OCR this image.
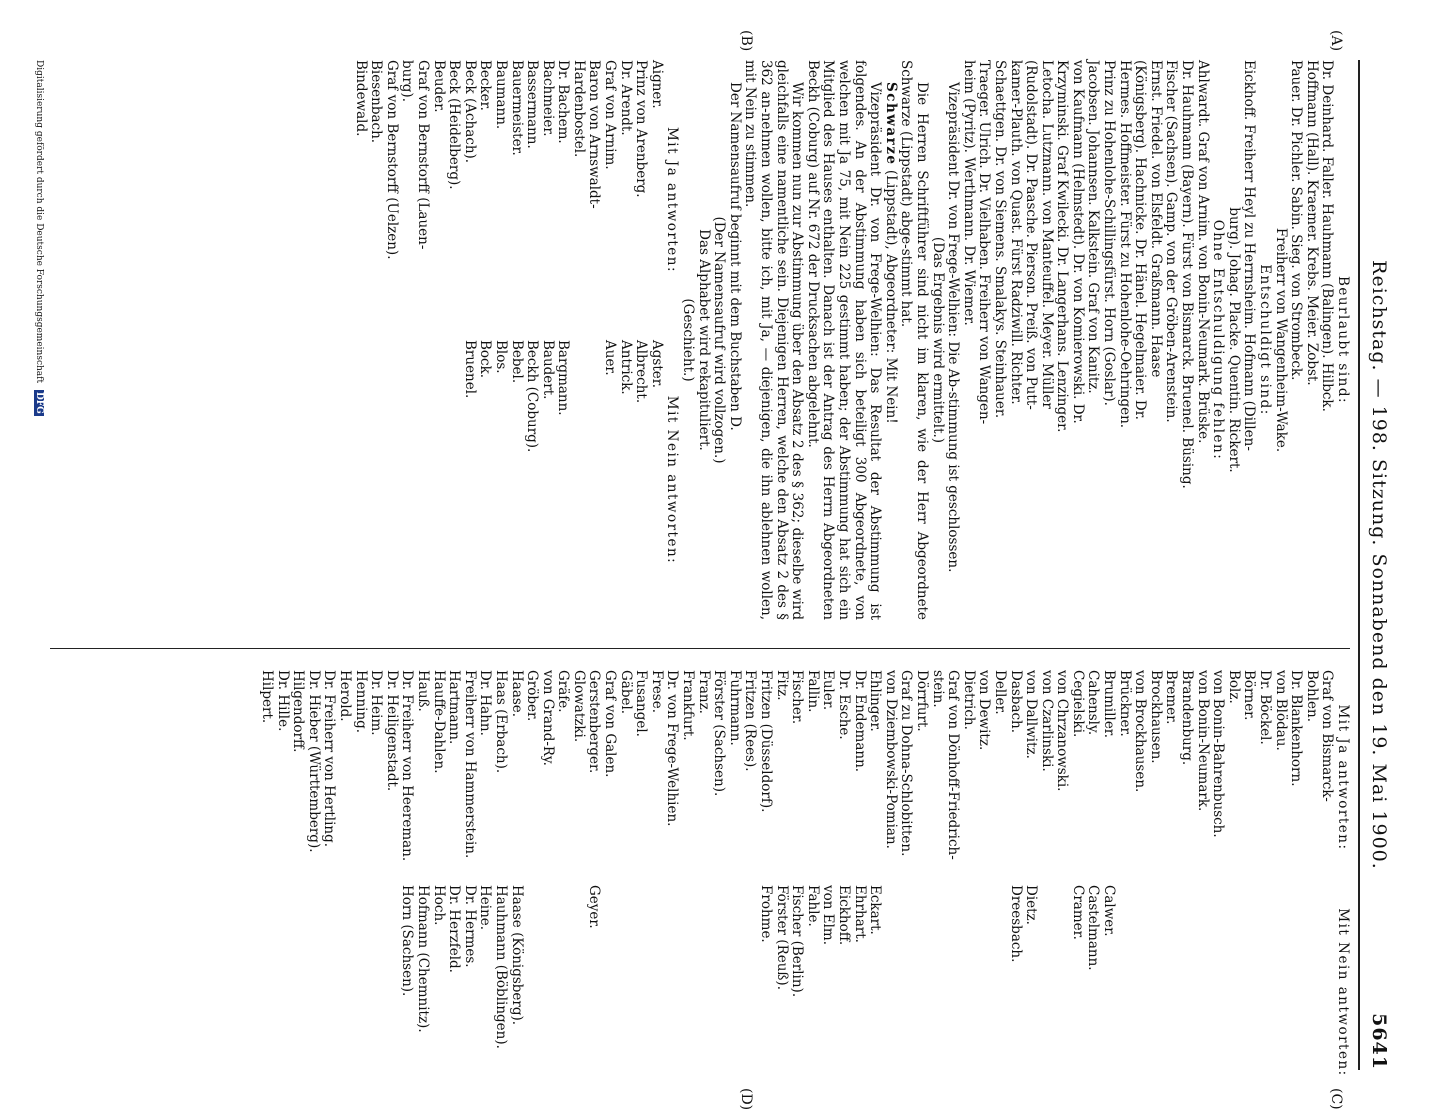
Reichstag. — 198. Sitzung. Sonnabend den 19. Mai 1900.
5641
(A)
(B)
(C)
(D)
Beurlaubt sind:
Dr. Deinhard. Faller. Hauhmann (Balingen). Hilbck.
Hoffmann (Hall). Kraemer. Krebs. Meier. Zobst.
Pauer. Dr. Pichler. Sabin. Sieg. von Strombeck.
Freiherr von Wangenheim-Wake.
Entschuldigt sind:
Eickhoff. Freiherr Heyl zu Herrnsheim. Hofmann (Dillen-
burg). Johag. Placke. Quentin. Rickert.
Ohne Entschuldigung fehlen:
Ahlwardt. Graf von Arnim. von Bonin-Neumark. Brüske.
Dr. Hauhmann (Bayern). Fürst von Bismarck. Bruenel. Büsing.
Fischer (Sachsen). Gamp. von der Gröben-Arenstein.
Ernst. Friedel. von Elsfeldt. Graßmann. Haase
(Königsberg). Hachnicke. Dr. Hänel. Hegelmaier. Dr.
Hermes. Hoffmeister. Fürst zu Hohenlohe-Oehringen.
Prinz zu Hohenlohe-Schillingsfürst. Horn (Goslar).
Jacobsen. Johannsen. Kalkstein. Graf von Kanitz.
von Kaufmann (Helmstedt). Dr. von Komierowski. Dr.
Krzyminski. Graf Kwilecki. Dr. Langerhans. Lenzinger.
Letocha. Lutzmann. von Manteuffel. Meyer. Müller
(Rudolstadt). Dr. Paasche. Pierson. Preiß. von Putt-
kamer-Plauth. von Quast. Fürst Radziwill. Richter.
Schaettgen. Dr. von Siemens. Smalakys. Steinhauer.
Traeger. Ulrich. Dr. Vielhaben. Freiherr von Wangen-
heim (Pyritz). Werthmann. Dr. Wiemer.
Vizepräsident Dr. von Frege-Welhien: Die Ab-stimmung ist geschlossen.
(Das Ergebnis wird ermittelt.)
Die Herren Schriftführer sind nicht im klaren, wie der Herr Abgeordnete Schwarze (Lippstadt) abge-stimmt hat.
Schwarze (Lippstadt), Abgeordneter: Mit Nein!
Vizepräsident Dr. von Frege-Welhien: Das Resultat der Abstimmung ist folgendes. An der Abstimmung haben sich beteiligt 300 Abgeordnete, von welchen mit Ja 75, mit Nein 225 gestimmt haben; der Abstimmung hat sich ein Mitglied des Hauses enthalten. Danach ist der Antrag des Herrn Abgeordneten Beckh (Coburg) auf Nr. 672 der Drucksachen abgelehnt.
Wir kommen nun zur Abstimmung über den Absatz 2 des § 362; dieselbe wird gleichfalls eine namentliche sein. Diejenigen Herren, welche den Absatz 2 des § 362 an-nehmen wollen, bitte ich, mit Ja, — diejenigen, die ihn ablehnen wollen, mit Nein zu stimmen.
Der Namensaufruf beginnt mit dem Buchstaben D.
(Der Namensaufruf wird vollzogen.)
Das Alphabet wird rekapituliert.
(Geschieht.)
Mit Ja antworten:
Aigner.
Prinz von Arenberg.
Dr. Arendt.
Graf von Arnim.
Baron von Arnswaldt-
Hardenbostel.
Dr. Bachem.
Bachmeier.
Bassermann.
Bauermeister.
Baumann.
Becker.
Beck (Achach).
Beck (Heidelberg).
Beuder.
Graf von Bernstorff (Lauen-
burg).
Graf von Bernstorff (Uelzen).
Biesenbach.
Bindewald.
Mit Nein antworten:
Agster.
Albrecht.
Antrick.
Auer.

Bargmann.
Baudert.
Beckh (Coburg).
Bebel.
Blos.
Bock.
Bruenel.
Mit Ja antworten:
Graf von Bismarck-
Bohlen.
Dr. Blankenhorn.
von Blödau.
Dr. Böckel.
Börner.
Bolz.
von Bonin-Bahrenbusch.
von Bonin-Neumark.
Brandenburg.
Bremer.
Brockhausen.
von Brockhausen.
Brückner.
Brumiller.
Cahensly.
Cegielski.
von Chrzanowski.
von Czarlinski.
von Dallwitz.
Dasbach.
Deller.
von Dewitz.
Dietrich.
Graf von Dönhoff-Friedrich-
stein.
Dörrfurt.
Graf zu Dohna-Schlobitten.
von Dziembowski-Pomian.
Ehlinger.
Dr. Endemann.
Dr. Esche.
Euler.
Fallin.
Fischer.
Fitz.
Fritzen (Düsseldorf).
Fritzen (Rees).
Fuhrmann.
Förster (Sachsen).
Franz.
Frankfurt.
Dr. von Frege-Welhien.
Frese.
Fusangel.
Gäbel.
Graf von Galen.
Gerstenberger.
Glowatzki.
Gräfe.
von Grand-Ry.
Gröber.
Haase.
Haas (Erbach).
Dr. Hahn.
Freiherr von Hammerstein.
Hartmann.
Hauffe-Dahlen.
Hauß.
Dr. Freiherr von Heereman.
Dr. Heiligenstadt.
Dr. Heim.
Henning.
Herold.
Dr. Freiherr von Hertling.
Dr. Hieber (Württemberg).
Hilgendorff.
Dr. Hille.
Hilpert.
Mit Nein antworten:

Calwer.
Castelmann.
Cramer.

Dietz.
Dreesbach.

Eckart.
Ehrhart.
Eickhoff.
von Elm.
Fahle.
Fischer (Berlin).
Förster (Reuß).
Frohme.

Geyer.

Haase (Königsberg).
Hauhmann (Böblingen).
Heine.
Dr. Hermes.
Dr. Herzfeld.
Hoch.
Hofmann (Chemnitz).
Horn (Sachsen).
Digitalisierung gefördert durch die Deutsche Forschungsgemeinschaft DFG
